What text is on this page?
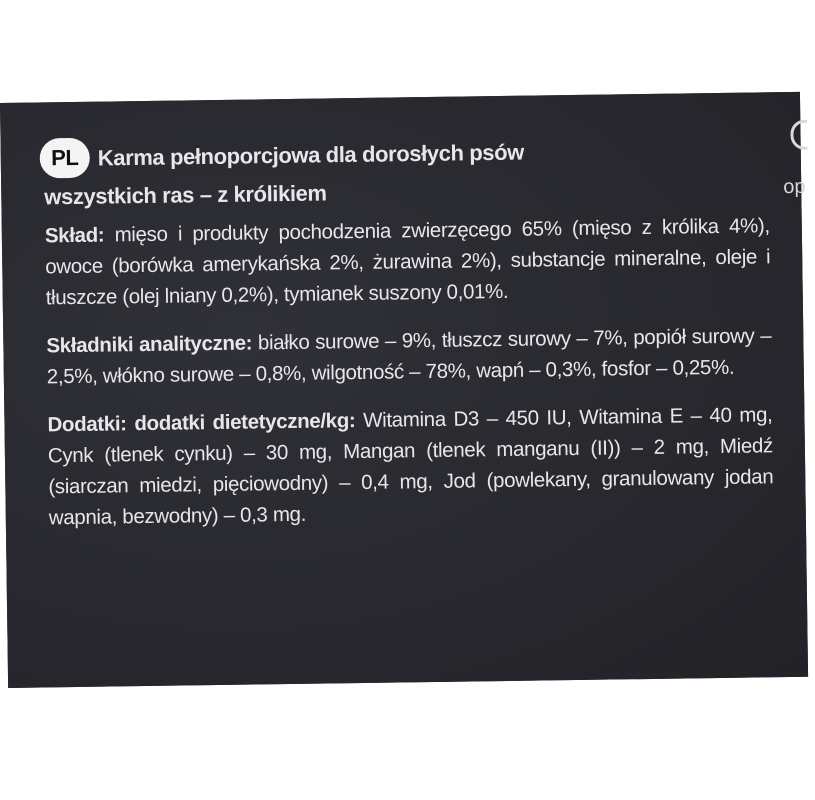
op
PL Karma pełnoporcjowa dla dorosłych psów
wszystkich ras – z królikiem
Skład: mięso i produkty pochodzenia zwierzęcego 65% (mięso z królika 4%), owoce (borówka amerykańska 2%, żurawina 2%), substancje mineralne, oleje i tłuszcze (olej lniany 0,2%), tymianek suszony 0,01%.
Składniki analityczne: białko surowe – 9%, tłuszcz surowy – 7%, popiół surowy – 2,5%, włókno surowe – 0,8%, wilgotność – 78%, wapń – 0,3%, fosfor – 0,25%.
Dodatki: dodatki dietetyczne/kg: Witamina D3 – 450 IU, Witamina E – 40 mg, Cynk (tlenek cynku) – 30 mg, Mangan (tlenek manganu (II)) – 2 mg, Miedź (siarczan miedzi, pięciowodny) – 0,4 mg, Jod (powlekany, granulowany jodan wapnia, bezwodny) – 0,3 mg.
